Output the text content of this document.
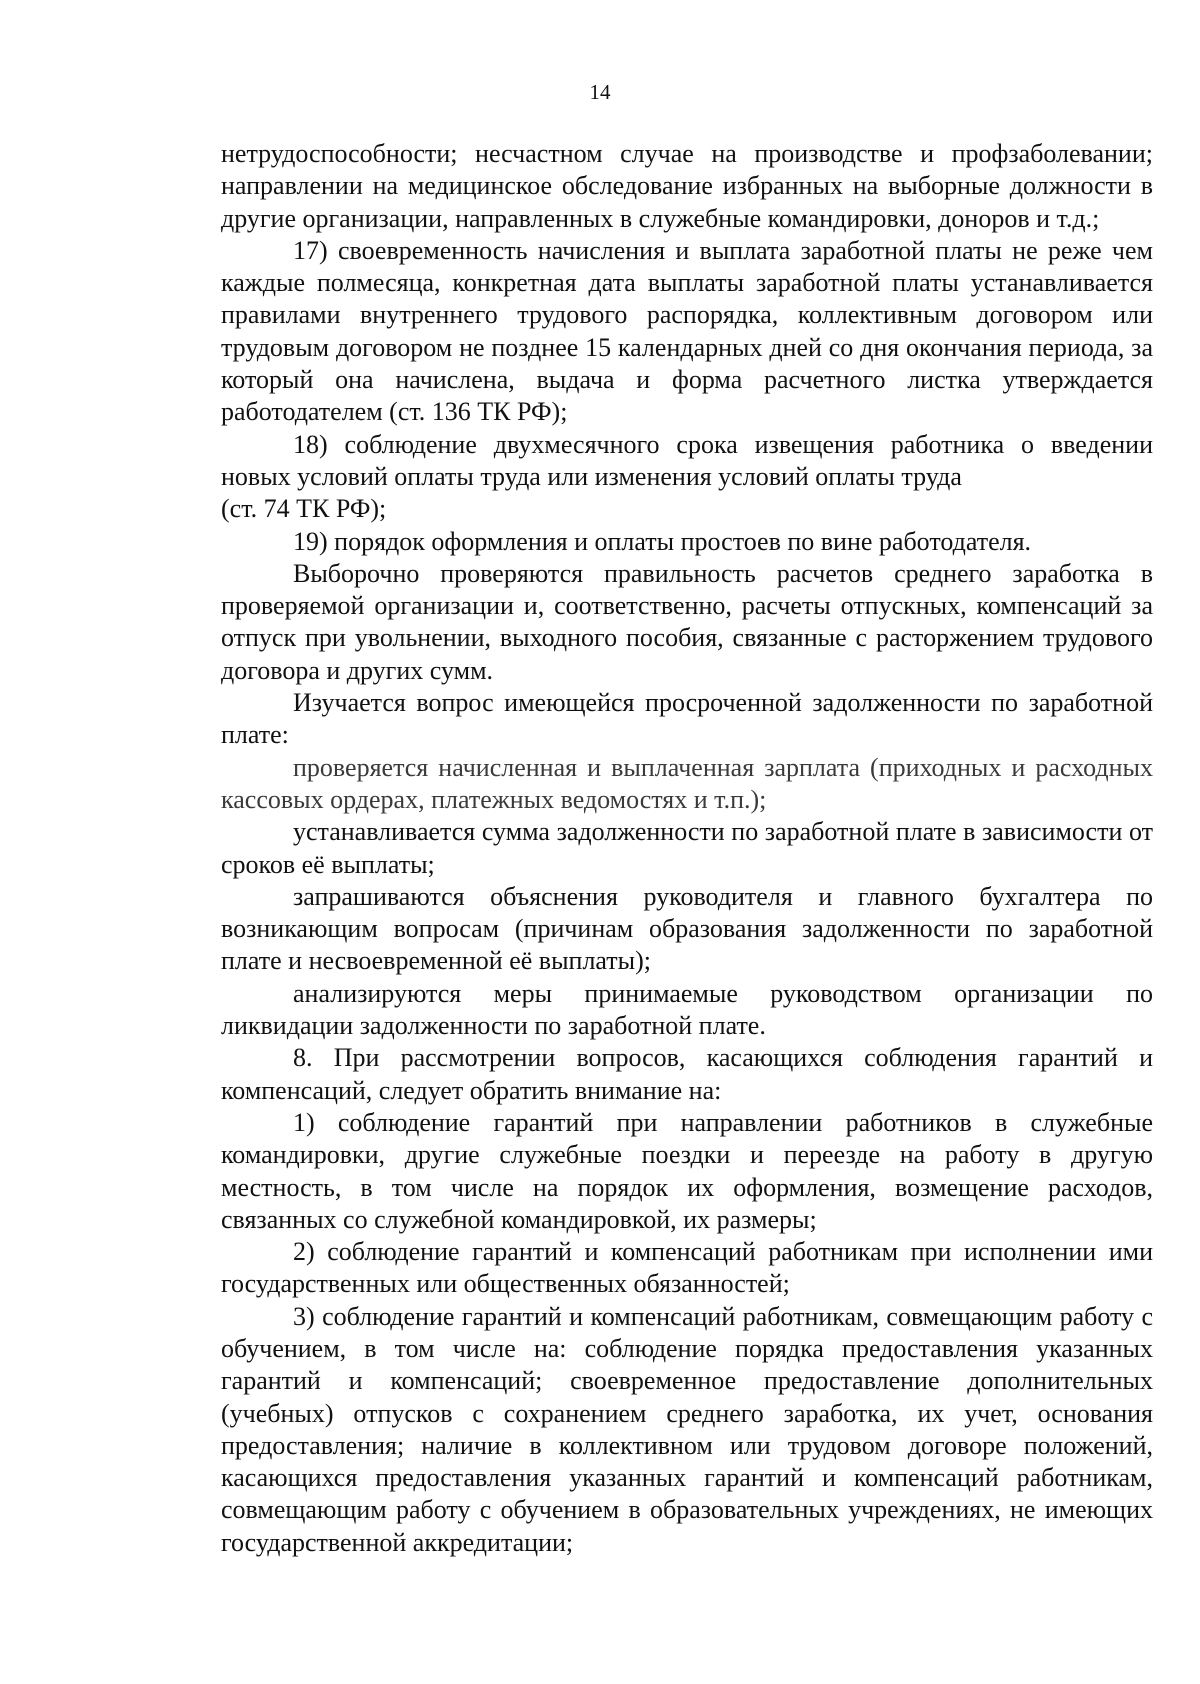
14

нетрудоспособности; несчастном случае на производстве и профзаболевании; направлении на медицинское обследование избранных на выборные должности в другие организации, направленных в служебные командировки, доноров и т.д.;

17) своевременность начисления и выплата заработной платы не реже чем каждые полмесяца, конкретная дата выплаты заработной платы устанавливается правилами внутреннего трудового распорядка, коллективным договором или трудовым договором не позднее 15 календарных дней со дня окончания периода, за который она начислена, выдача и форма расчетного листка утверждается работодателем (ст. 136 ТК РФ);

18) соблюдение двухмесячного срока извещения работника о введении новых условий оплаты труда или изменения условий оплаты труда

(ст. 74 ТК РФ);

19) порядок оформления и оплаты простоев по вине работодателя.

Выборочно проверяются правильность расчетов среднего заработка в проверяемой организации и, соответственно, расчеты отпускных, компенсаций за отпуск при увольнении, выходного пособия, связанные с расторжением трудового договора и других сумм.

Изучается вопрос имеющейся просроченной задолженности по заработной плате:

проверяется начисленная и выплаченная зарплата (приходных и расходных кассовых ордерах, платежных ведомостях и т.п.);

устанавливается сумма задолженности по заработной плате в зависимости от сроков её выплаты;

запрашиваются объяснения руководителя и главного бухгалтера по возникающим вопросам (причинам образования задолженности по заработной плате и несвоевременной её выплаты);

анализируются меры принимаемые руководством организации по ликвидации задолженности по заработной плате.

8. При рассмотрении вопросов, касающихся соблюдения гарантий и компенсаций, следует обратить внимание на:

1) соблюдение гарантий при направлении работников в служебные командировки, другие служебные поездки и переезде на работу в другую местность, в том числе на порядок их оформления, возмещение расходов, связанных со служебной командировкой, их размеры;

2) соблюдение гарантий и компенсаций работникам при исполнении ими государственных или общественных обязанностей;

3) соблюдение гарантий и компенсаций работникам, совмещающим работу с обучением, в том числе на: соблюдение порядка предоставления указанных гарантий и компенсаций; своевременное предоставление дополнительных (учебных) отпусков с сохранением среднего заработка, их учет, основания предоставления; наличие в коллективном или трудовом договоре положений, касающихся предоставления указанных гарантий и компенсаций работникам, совмещающим работу с обучением в образовательных учреждениях, не имеющих государственной аккредитации;
